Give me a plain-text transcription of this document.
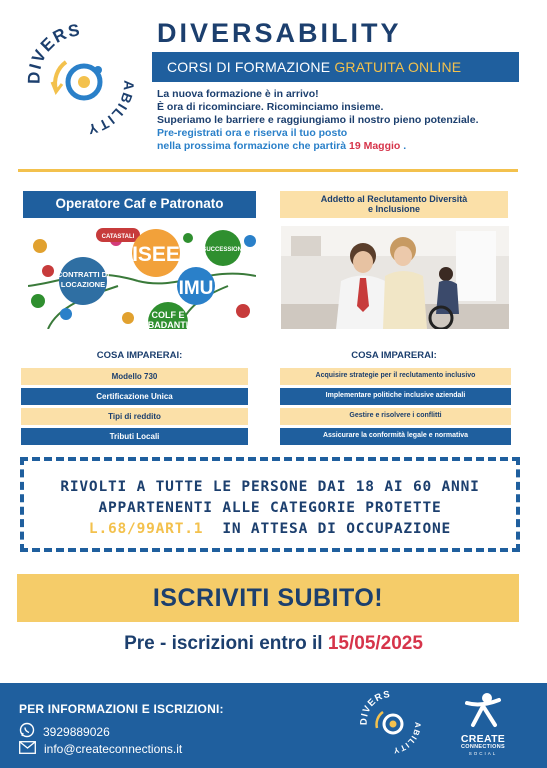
DIVERS
ABILITY
DIVERSABILITY
CORSI DI FORMAZIONE GRATUITA ONLINE
La nuova formazione è in arrivo!
È ora di ricominciare. Ricominciamo insieme.
Superiamo le barriere e raggiungiamo il nostro pieno potenziale.
Pre-registrati ora e riserva il tuo posto
nella prossima formazione che partirà 19 Maggio .
Operatore Caf e Patronato	Addetto al Reclutamento Diversità
e Inclusione
CATASTALI
CONTRATTI DI
LOCAZIONE
ISEE
IMU
SUCCESSIONI
COLF E
BADANTI
COSA IMPARERAI:	COSA IMPARERAI:
Modello 730
Certificazione Unica
Tipi di reddito
Tributi Locali
Acquisire strategie per il reclutamento inclusivo
Implementare politiche inclusive aziendali
Gestire e risolvere i conflitti
Assicurare la conformità legale e normativa
RIVOLTI A TUTTE LE PERSONE DAI 18 AI 60 ANNI
APPARTENENTI ALLE CATEGORIE PROTETTE
L.68/99ART.1  IN ATTESA DI OCCUPAZIONE
ISCRIVITI SUBITO!
Pre - iscrizioni entro il 15/05/2025
PER INFORMAZIONI E ISCRIZIONI:
3929889026
info@createconnections.it
DIVERS
ABILITY
CREATE
CONNECTIONS
SOCIAL
